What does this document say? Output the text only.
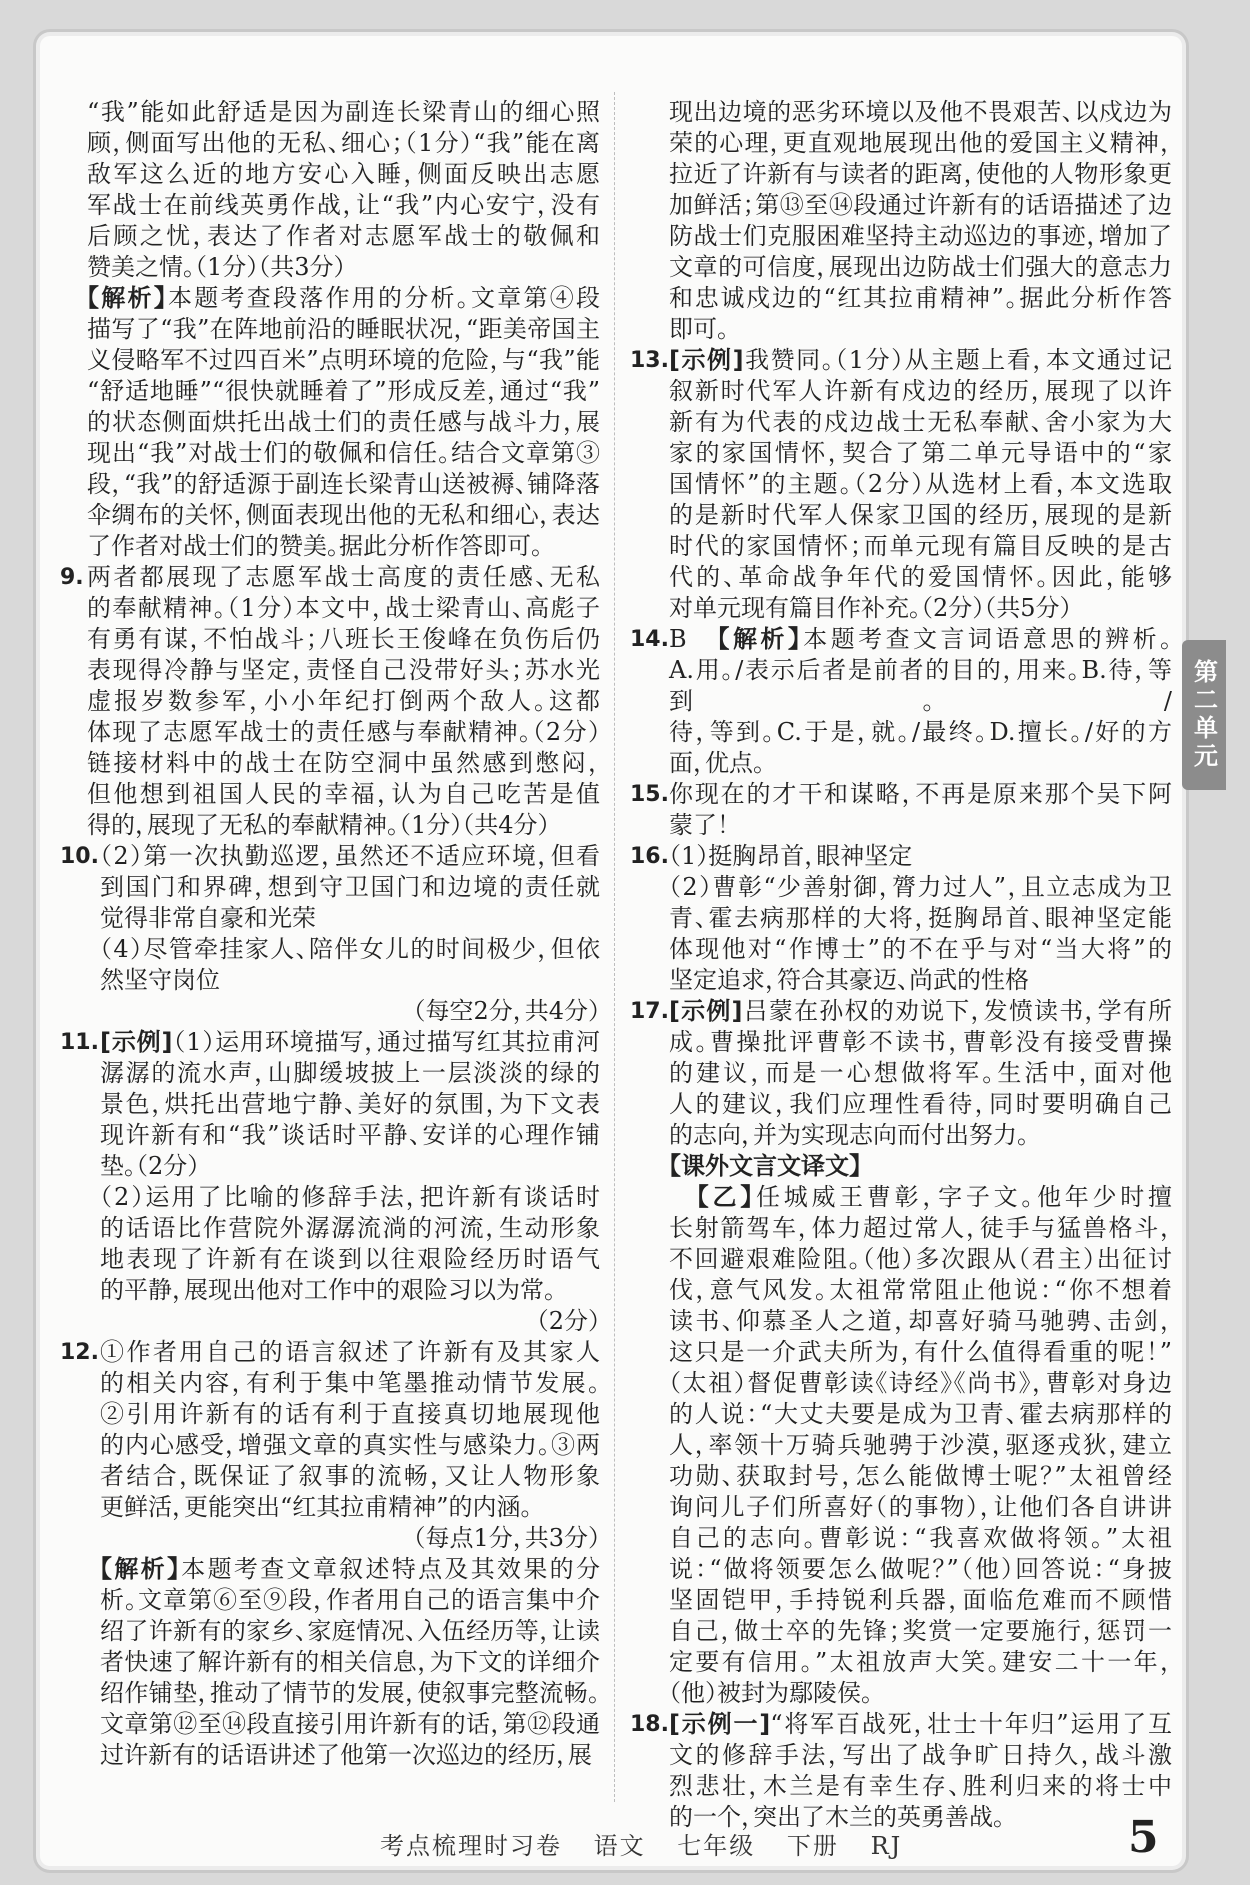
“我”能如此舒适是因为副连长梁青山的细心照
顾，侧面写出他的无私、细心；（1分）“我”能在离
敌军这么近的地方安心入睡，侧面反映出志愿
军战士在前线英勇作战，让“我”内心安宁，没有
后顾之忧，表达了作者对志愿军战士的敬佩和
赞美之情。（1分）（共3分）
【解析】本题考查段落作用的分析。文章第④段
描写了“我”在阵地前沿的睡眠状况，“距美帝国主
义侵略军不过四百米”点明环境的危险，与“我”能
“舒适地睡”“很快就睡着了”形成反差，通过“我”
的状态侧面烘托出战士们的责任感与战斗力，展
现出“我”对战士们的敬佩和信任。结合文章第③
段，“我”的舒适源于副连长梁青山送被褥、铺降落
伞绸布的关怀，侧面表现出他的无私和细心，表达
了作者对战士们的赞美。据此分析作答即可。
9. 两者都展现了志愿军战士高度的责任感、无私
的奉献精神。（1分）本文中，战士梁青山、高彪子
有勇有谋，不怕战斗；八班长王俊峰在负伤后仍
表现得冷静与坚定，责怪自己没带好头；苏水光
虚报岁数参军，小小年纪打倒两个敌人。这都
体现了志愿军战士的责任感与奉献精神。（2分）
链接材料中的战士在防空洞中虽然感到憋闷，
但他想到祖国人民的幸福，认为自己吃苦是值
得的，展现了无私的奉献精神。（1分）（共4分）
10. （2）第一次执勤巡逻，虽然还不适应环境，但看
到国门和界碑，想到守卫国门和边境的责任就
觉得非常自豪和光荣
（4）尽管牵挂家人、陪伴女儿的时间极少，但依
然坚守岗位
（每空2分，共4分）
11. [示例]（1）运用环境描写，通过描写红其拉甫河
潺潺的流水声，山脚缓坡披上一层淡淡的绿的
景色，烘托出营地宁静、美好的氛围，为下文表
现许新有和“我”谈话时平静、安详的心理作铺
垫。（2分）
（2）运用了比喻的修辞手法，把许新有谈话时
的话语比作营院外潺潺流淌的河流，生动形象
地表现了许新有在谈到以往艰险经历时语气
的平静，展现出他对工作中的艰险习以为常。
（2分）
12. ①作者用自己的语言叙述了许新有及其家人
的相关内容，有利于集中笔墨推动情节发展。
②引用许新有的话有利于直接真切地展现他
的内心感受，增强文章的真实性与感染力。③两
者结合，既保证了叙事的流畅，又让人物形象
更鲜活，更能突出“红其拉甫精神”的内涵。
（每点1分，共3分）
【解析】本题考查文章叙述特点及其效果的分
析。文章第⑥至⑨段，作者用自己的语言集中介
绍了许新有的家乡、家庭情况、入伍经历等，让读
者快速了解许新有的相关信息，为下文的详细介
绍作铺垫，推动了情节的发展，使叙事完整流畅。
文章第⑫至⑭段直接引用许新有的话，第⑫段通
过许新有的话语讲述了他第一次巡边的经历，展
现出边境的恶劣环境以及他不畏艰苦、以戍边为
荣的心理，更直观地展现出他的爱国主义精神，
拉近了许新有与读者的距离，使他的人物形象更
加鲜活；第⑬至⑭段通过许新有的话语描述了边
防战士们克服困难坚持主动巡边的事迹，增加了
文章的可信度，展现出边防战士们强大的意志力
和忠诚戍边的“红其拉甫精神”。据此分析作答
即可。
13. [示例]我赞同。（1分）从主题上看，本文通过记
叙新时代军人许新有戍边的经历，展现了以许
新有为代表的戍边战士无私奉献、舍小家为大
家的家国情怀，契合了第二单元导语中的“家
国情怀”的主题。（2分）从选材上看，本文选取
的是新时代军人保家卫国的经历，展现的是新
时代的家国情怀；而单元现有篇目反映的是古
代的、革命战争年代的爱国情怀。因此，能够
对单元现有篇目作补充。（2分）（共5分）
14. B　【解析】本题考查文言词语意思的辨析。
A.用。/表示后者是前者的目的，用来。B.待，等到。/
待，等到。C.于是，就。/最终。D.擅长。/好的方
面，优点。
15. 你现在的才干和谋略，不再是原来那个吴下阿
蒙了！
16. （1）挺胸昂首，眼神坚定
（2）曹彰“少善射御，膂力过人”，且立志成为卫
青、霍去病那样的大将，挺胸昂首、眼神坚定能
体现他对“作博士”的不在乎与对“当大将”的
坚定追求，符合其豪迈、尚武的性格
17. [示例]吕蒙在孙权的劝说下，发愤读书，学有所
成。曹操批评曹彰不读书，曹彰没有接受曹操
的建议，而是一心想做将军。生活中，面对他
人的建议，我们应理性看待，同时要明确自己
的志向，并为实现志向而付出努力。
【课外文言文译文】
　【乙】任城威王曹彰，字子文。他年少时擅
长射箭驾车，体力超过常人，徒手与猛兽格斗，
不回避艰难险阻。（他）多次跟从（君主）出征讨
伐，意气风发。太祖常常阻止他说：“你不想着
读书、仰慕圣人之道，却喜好骑马驰骋、击剑，
这只是一介武夫所为，有什么值得看重的呢！”
（太祖）督促曹彰读《诗经》《尚书》，曹彰对身边
的人说：“大丈夫要是成为卫青、霍去病那样的
人，率领十万骑兵驰骋于沙漠，驱逐戎狄，建立
功勋、获取封号，怎么能做博士呢？”太祖曾经
询问儿子们所喜好（的事物），让他们各自讲讲
自己的志向。曹彰说：“我喜欢做将领。”太祖
说：“做将领要怎么做呢？”（他）回答说：“身披
坚固铠甲，手持锐利兵器，面临危难而不顾惜
自己，做士卒的先锋；奖赏一定要施行，惩罚一
定要有信用。”太祖放声大笑。建安二十一年，
（他）被封为鄢陵侯。
18. [示例一]“将军百战死，壮士十年归”运用了互
文的修辞手法，写出了战争旷日持久，战斗激
烈悲壮，木兰是有幸生存、胜利归来的将士中
的一个，突出了木兰的英勇善战。
第二单元
考点梳理时习卷 语文 七年级 下册 RJ	5
